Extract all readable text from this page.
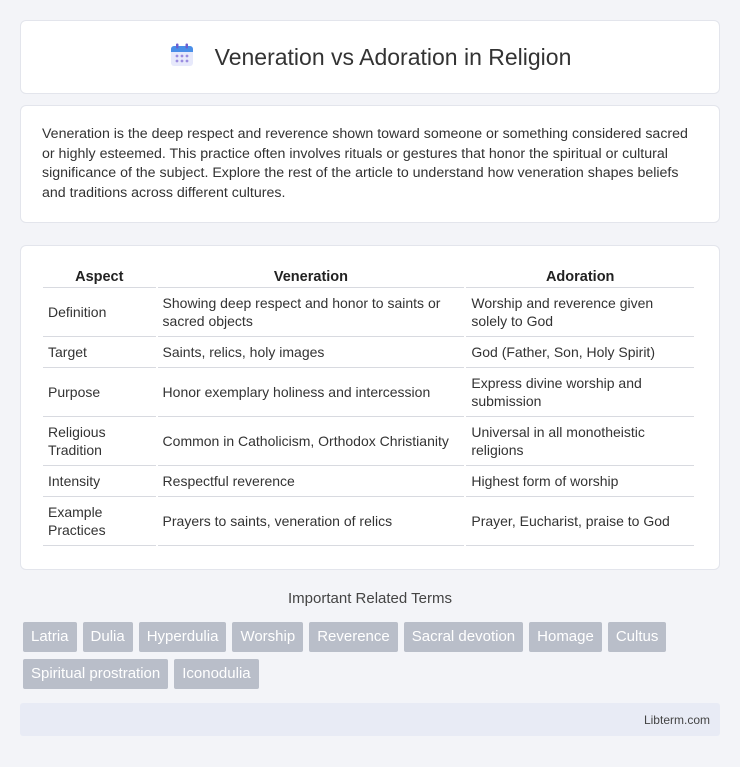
Veneration vs Adoration in Religion

Veneration is the deep respect and reverence shown toward someone or something considered sacred or highly esteemed. This practice often involves rituals or gestures that honor the spiritual or cultural significance of the subject. Explore the rest of the article to understand how veneration shapes beliefs and traditions across different cultures.

Aspect	Veneration	Adoration
Definition	Showing deep respect and honor to saints or sacred objects	Worship and reverence given solely to God
Target	Saints, relics, holy images	God (Father, Son, Holy Spirit)
Purpose	Honor exemplary holiness and intercession	Express divine worship and submission
Religious Tradition	Common in Catholicism, Orthodox Christianity	Universal in all monotheistic religions
Intensity	Respectful reverence	Highest form of worship
Example Practices	Prayers to saints, veneration of relics	Prayer, Eucharist, praise to God
Important Related Terms
Latria	Dulia	Hyperdulia	Worship	Reverence	Sacral devotion	Homage	Cultus
Spiritual prostration	Iconodulia
Libterm.com
